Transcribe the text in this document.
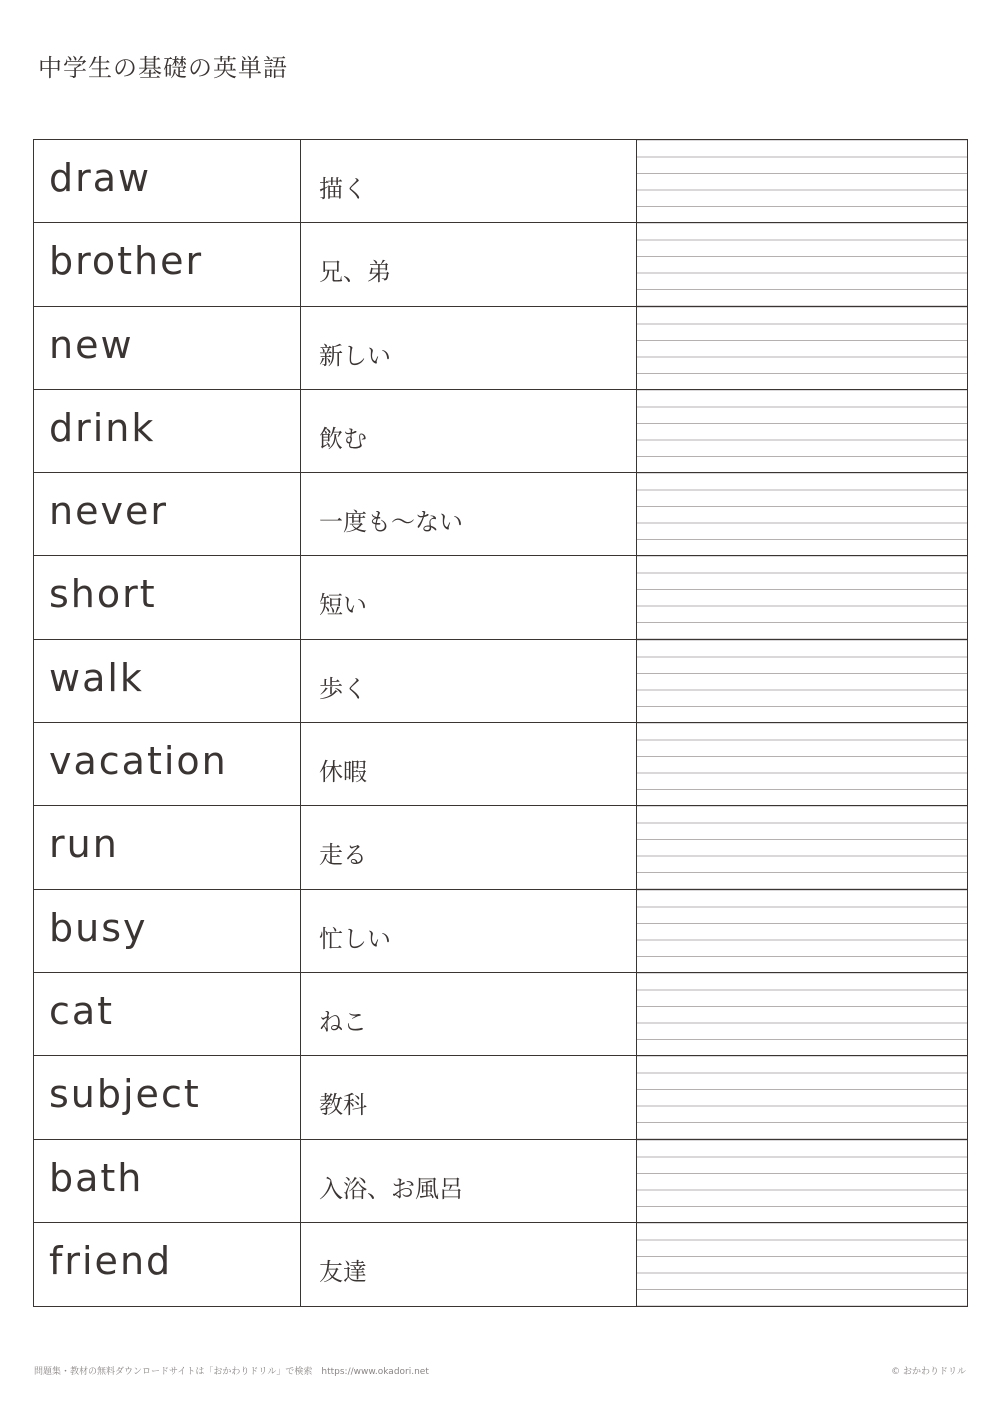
中学生の基礎の英単語
draw	描く
brother	兄、弟
new	新しい
drink	飲む
never	一度も～ない
short	短い
walk	歩く
vacation	休暇
run	走る
busy	忙しい
cat	ねこ
subject	教科
bath	入浴、お風呂
friend	友達
問題集・教材の無料ダウンロードサイトは「おかわりドリル」で検索　https://www.okadori.net	© おかわりドリル
